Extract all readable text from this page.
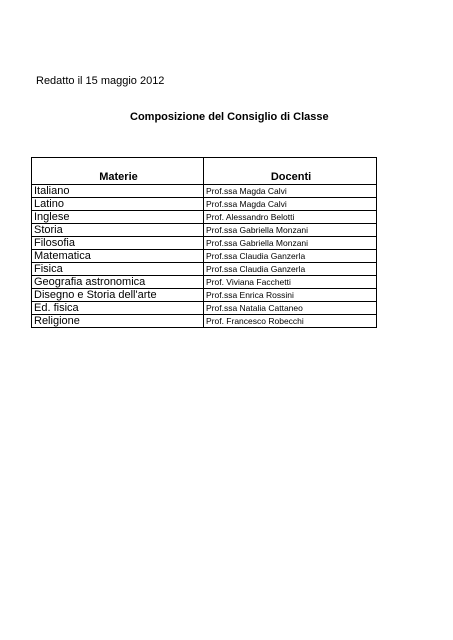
Redatto il 15 maggio 2012
Composizione del Consiglio di Classe
Materie	Docenti
Italiano	Prof.ssa Magda Calvi
Latino	Prof.ssa Magda Calvi
Inglese	Prof. Alessandro Belotti
Storia	Prof.ssa Gabriella Monzani
Filosofia	Prof.ssa Gabriella Monzani
Matematica	Prof.ssa Claudia Ganzerla
Fisica	Prof.ssa Claudia Ganzerla
Geografia astronomica	Prof. Viviana Facchetti
Disegno e Storia dell'arte	Prof.ssa Enrica Rossini
Ed. fisica	Prof.ssa Natalia Cattaneo
Religione	Prof. Francesco Robecchi
